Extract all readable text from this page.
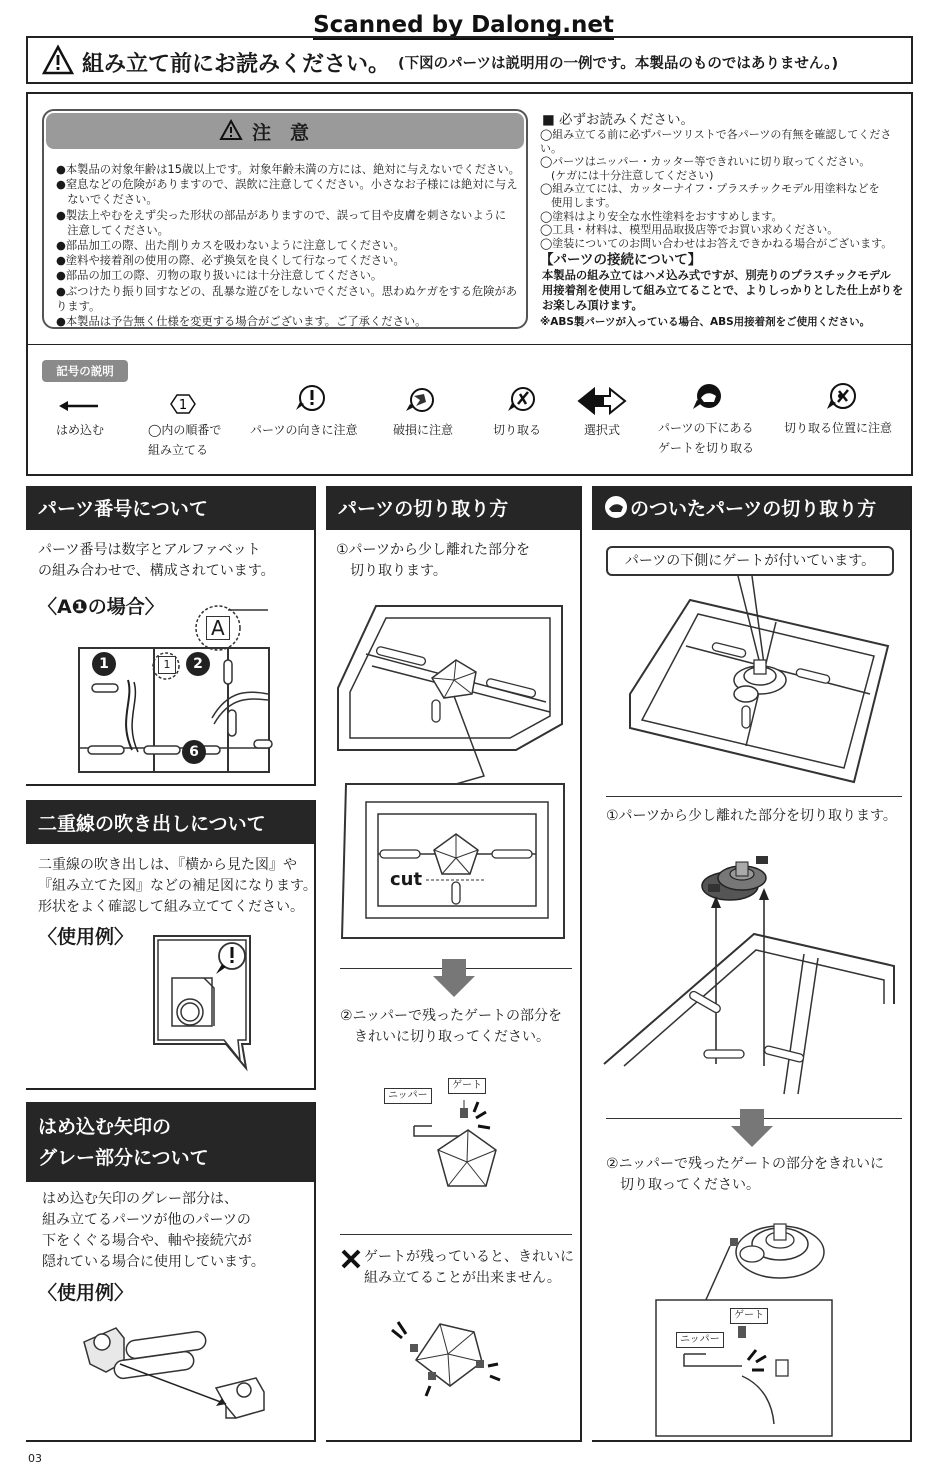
Scanned by Dalong.net
組み立て前にお読みください。 (下図のパーツは説明用の一例です。本製品のものではありません。)
注　意
●本製品の対象年齢は15歳以上です。対象年齢未満の方には、絶対に与えないでください。
●窒息などの危険がありますので、誤飲に注意してください。小さなお子様には絶対に与え
　ないでください。
●製法上やむをえず尖った形状の部品がありますので、誤って目や皮膚を刺さないように
　注意してください。
●部品加工の際、出た削りカスを吸わないように注意してください。
●塗料や接着剤の使用の際、必ず換気を良くして行なってください。
●部品の加工の際、刃物の取り扱いには十分注意してください。
●ぶつけたり振り回すなどの、乱暴な遊びをしないでください。思わぬケガをする危険があります。
●本製品は予告無く仕様を変更する場合がございます。ご了承ください。
■ 必ずお読みください。
◯組み立てる前に必ずパーツリストで各パーツの有無を確認してください。
◯パーツはニッパー・カッター等できれいに切り取ってください。
　(ケガには十分注意してください)
◯組み立てには、カッターナイフ・プラスチックモデル用塗料などを
　使用します。
◯塗料はより安全な水性塗料をおすすめします。
◯工具・材料は、模型用品取扱店等でお買い求めください。
◯塗装についてのお問い合わせはお答えできかねる場合がございます。
【パーツの接続について】
本製品の組み立てはハメ込み式ですが、別売りのプラスチックモデル
用接着剤を使用して組み立てることで、よりしっかりとした仕上がりを
お楽しみ頂けます。
※ABS製パーツが入っている場合、ABS用接着剤をご使用ください。
記号の説明
はめ込む
1
◯内の順番で
組み立てる
パーツの向きに注意	破損に注意	切り取る	選択式	パーツの下にある
ゲートを切り取る
切り取る位置に注意
パーツ番号について
パーツ番号は数字とアルファベット
の組み合わせで、構成されています。
〈A❶の場合〉
A
1	1	2
6
二重線の吹き出しについて
二重線の吹き出しは、『横から見た図』や
『組み立てた図』などの補足図になります。
形状をよく確認して組み立ててください。
〈使用例〉
はめ込む矢印の
グレー部分について
はめ込む矢印のグレー部分は、
組み立てるパーツが他のパーツの
下をくぐる場合や、軸や接続穴が
隠れている場合に使用しています。
〈使用例〉
パーツの切り取り方
①パーツから少し離れた部分を
　切り取ります。
cut
②ニッパーで残ったゲートの部分を
　きれいに切り取ってください。
ニッパー
ゲート
ゲートが残っていると、きれいに
組み立てることが出来ません。
のついたパーツの切り取り方
パーツの下側にゲートが付いています。
①パーツから少し離れた部分を切り取ります。
②ニッパーで残ったゲートの部分をきれいに
　切り取ってください。
ニッパー
ゲート
03
